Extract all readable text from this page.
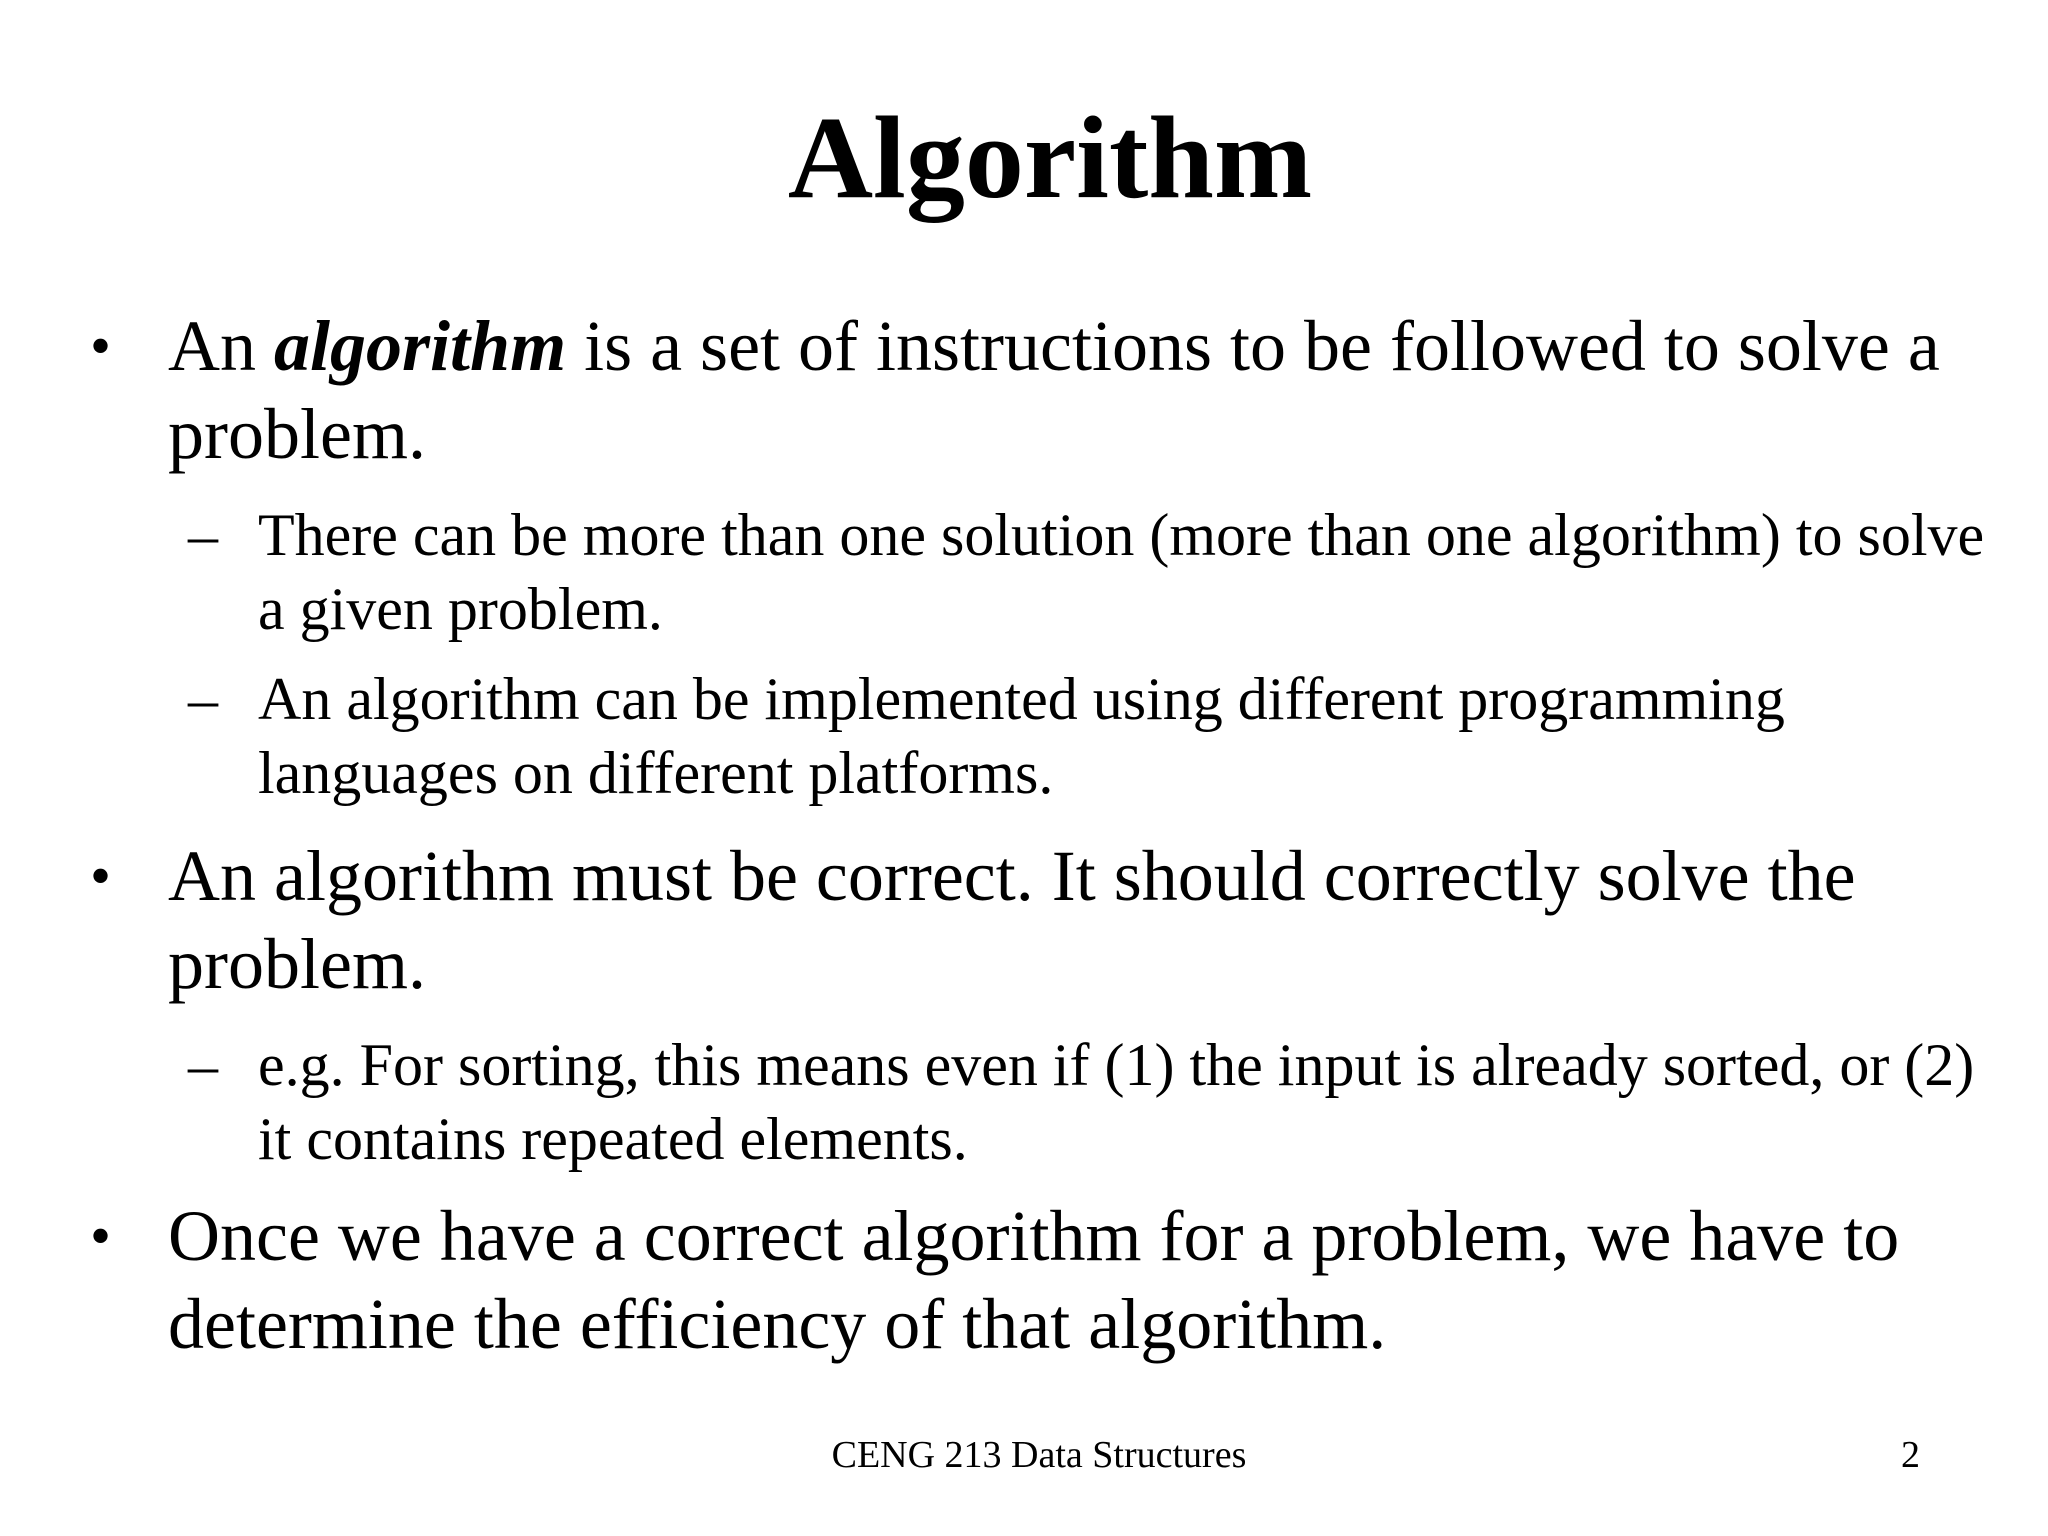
Algorithm
• An algorithm is a set of instructions to be followed to solve a problem.
– There can be more than one solution (more than one algorithm) to solve a given problem.
– An algorithm can be implemented using different programming languages on different platforms.
• An algorithm must be correct. It should correctly solve the problem.
– e.g. For sorting, this means even if (1) the input is already sorted, or (2) it contains repeated elements.
• Once we have a correct algorithm for a problem, we have to determine the efficiency of that algorithm.
CENG 213 Data Structures	2
